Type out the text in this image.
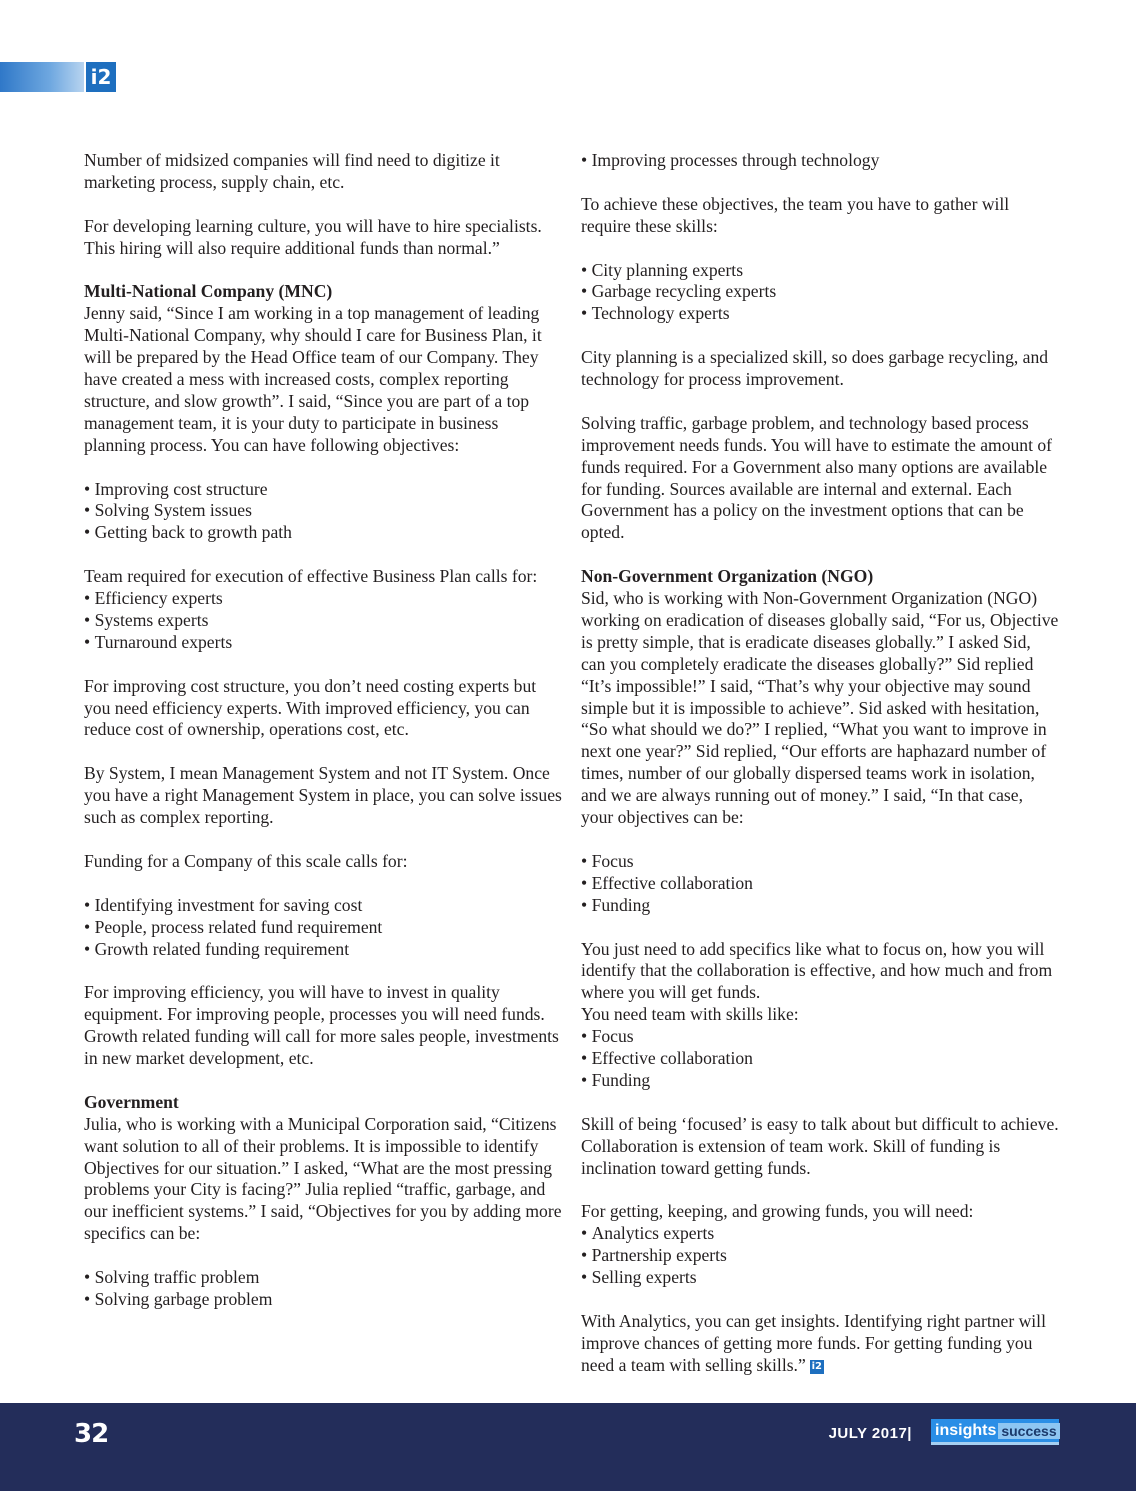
i2

Number of midsized companies will find need to digitize it marketing process, supply chain, etc.

For developing learning culture, you will have to hire specialists. This hiring will also require additional funds than normal.”

Multi-National Company (MNC)

Jenny said, “Since I am working in a top management of leading Multi-National Company, why should I care for Business Plan, it will be prepared by the Head Office team of our Company. They have created a mess with increased costs, complex reporting structure, and slow growth”. I said, “Since you are part of a top management team, it is your duty to participate in business planning process. You can have following objectives:

• Improving cost structure
• Solving System issues
• Getting back to growth path

Team required for execution of effective Business Plan calls for:

• Efficiency experts
• Systems experts
• Turnaround experts

For improving cost structure, you don’t need costing experts but you need efficiency experts. With improved efficiency, you can reduce cost of ownership, operations cost, etc.

By System, I mean Management System and not IT System. Once you have a right Management System in place, you can solve issues such as complex reporting.

Funding for a Company of this scale calls for:

• Identifying investment for saving cost
• People, process related fund requirement
• Growth related funding requirement

For improving efficiency, you will have to invest in quality equipment. For improving people, processes you will need funds. Growth related funding will call for more sales people, investments in new market development, etc.

Government

Julia, who is working with a Municipal Corporation said, “Citizens want solution to all of their problems. It is impossible to identify Objectives for our situation.” I asked, “What are the most pressing problems your City is facing?” Julia replied “traffic, garbage, and our inefficient systems.” I said, “Objectives for you by adding more specifics can be:

• Solving traffic problem
• Solving garbage problem
• Improving processes through technology

To achieve these objectives, the team you have to gather will require these skills:

• City planning experts
• Garbage recycling experts
• Technology experts

City planning is a specialized skill, so does garbage recycling, and technology for process improvement.

Solving traffic, garbage problem, and technology based process improvement needs funds. You will have to estimate the amount of funds required. For a Government also many options are available for funding. Sources available are internal and external. Each Government has a policy on the investment options that can be opted.

Non-Government Organization (NGO)

Sid, who is working with Non-Government Organization (NGO) working on eradication of diseases globally said, “For us, Objective is pretty simple, that is eradicate diseases globally.” I asked Sid, can you completely eradicate the diseases globally?” Sid replied “It’s impossible!” I said, “That’s why your objective may sound simple but it is impossible to achieve”. Sid asked with hesitation, “So what should we do?” I replied, “What you want to improve in next one year?” Sid replied, “Our efforts are haphazard number of times, number of our globally dispersed teams work in isolation, and we are always running out of money.” I said, “In that case, your objectives can be:

• Focus
• Effective collaboration
• Funding

You just need to add specifics like what to focus on, how you will identify that the collaboration is effective, and how much and from where you will get funds.

You need team with skills like:

• Focus
• Effective collaboration
• Funding

Skill of being ‘focused’ is easy to talk about but difficult to achieve. Collaboration is extension of team work. Skill of funding is inclination toward getting funds.

For getting, keeping, and growing funds, you will need:

• Analytics experts
• Partnership experts
• Selling experts

With Analytics, you can get insights. Identifying right partner will improve chances of getting more funds. For getting funding you need a team with selling skills.” i2

32	JULY 2017| insights success
